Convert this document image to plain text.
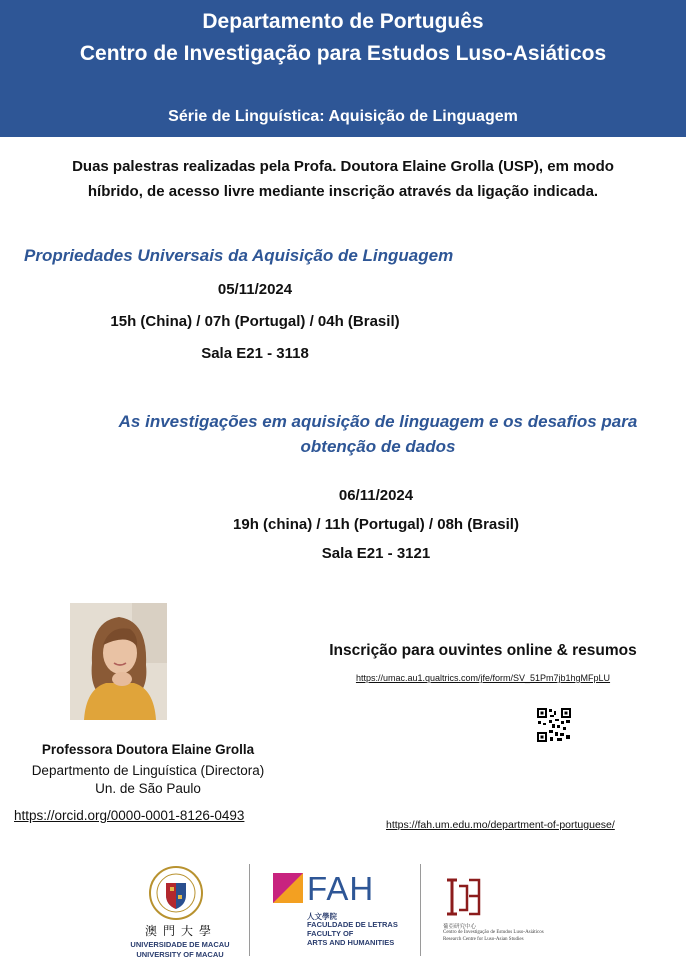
Departamento de Português
Centro de Investigação para Estudos Luso-Asiáticos
Série de Linguística: Aquisição de Linguagem
Duas palestras realizadas pela Profa. Doutora Elaine Grolla (USP), em modo
híbrido, de acesso livre mediante inscrição através da ligação indicada.
Propriedades Universais da Aquisição de Linguagem
05/11/2024
15h (China) / 07h (Portugal) / 04h (Brasil)
Sala E21 - 3118
As investigações em aquisição de linguagem e os desafios para
obtenção de dados
06/11/2024
19h (china) / 11h (Portugal) / 08h (Brasil)
Sala E21 - 3121
Professora Doutora Elaine Grolla
Departmento de Linguística (Directora)
Un. de São Paulo
https://orcid.org/0000-0001-8126-0493
Inscrição para ouvintes online & resumos
https://umac.au1.qualtrics.com/jfe/form/SV_51Pm7jb1hgMFpLU
https://fah.um.edu.mo/department-of-portuguese/
澳門大學
UNIVERSIDADE DE MACAU
UNIVERSITY OF MACAU
FAH
人文學院
FACULDADE DE LETRAS
FACULTY OF
ARTS AND HUMANITIES
葡亞研究中心
Centro de Investigação de Estudos Luso-Asiáticos
Research Centre for Luso-Asian Studies
